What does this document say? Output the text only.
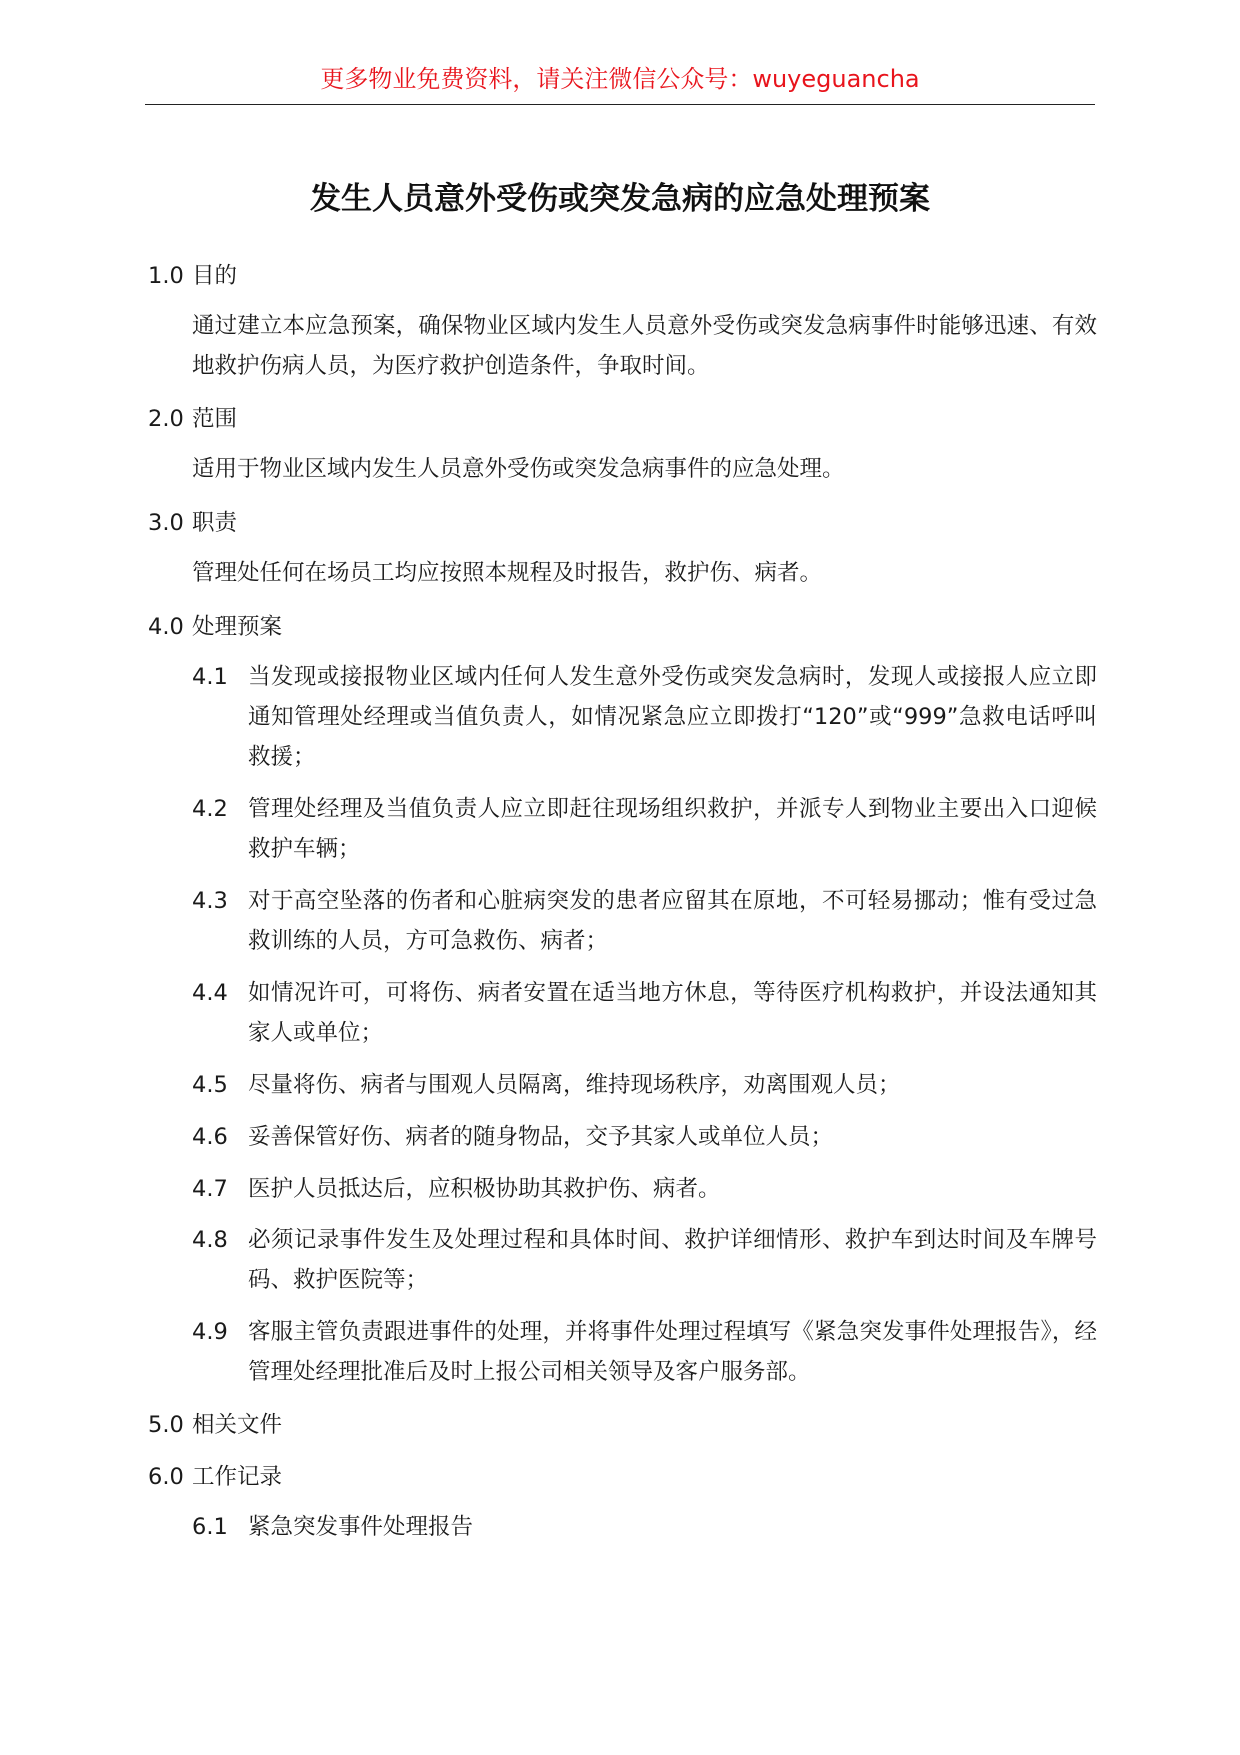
更多物业免费资料，请关注微信公众号：wuyeguancha
发生人员意外受伤或突发急病的应急处理预案
1.0 目的
通过建立本应急预案，确保物业区域内发生人员意外受伤或突发急病事件时能够迅速、有效地救护伤病人员，为医疗救护创造条件，争取时间。
2.0 范围
适用于物业区域内发生人员意外受伤或突发急病事件的应急处理。
3.0 职责
管理处任何在场员工均应按照本规程及时报告，救护伤、病者。
4.0 处理预案
4.1 当发现或接报物业区域内任何人发生意外受伤或突发急病时，发现人或接报人应立即通知管理处经理或当值负责人，如情况紧急应立即拨打“120”或“999”急救电话呼叫救援；
4.2 管理处经理及当值负责人应立即赶往现场组织救护，并派专人到物业主要出入口迎候救护车辆；
4.3 对于高空坠落的伤者和心脏病突发的患者应留其在原地，不可轻易挪动；惟有受过急救训练的人员，方可急救伤、病者；
4.4 如情况许可，可将伤、病者安置在适当地方休息，等待医疗机构救护，并设法通知其家人或单位；
4.5 尽量将伤、病者与围观人员隔离，维持现场秩序，劝离围观人员；
4.6 妥善保管好伤、病者的随身物品，交予其家人或单位人员；
4.7 医护人员抵达后，应积极协助其救护伤、病者。
4.8 必须记录事件发生及处理过程和具体时间、救护详细情形、救护车到达时间及车牌号码、救护医院等；
4.9 客服主管负责跟进事件的处理，并将事件处理过程填写《紧急突发事件处理报告》，经管理处经理批准后及时上报公司相关领导及客户服务部。
5.0 相关文件
6.0 工作记录
6.1 紧急突发事件处理报告
